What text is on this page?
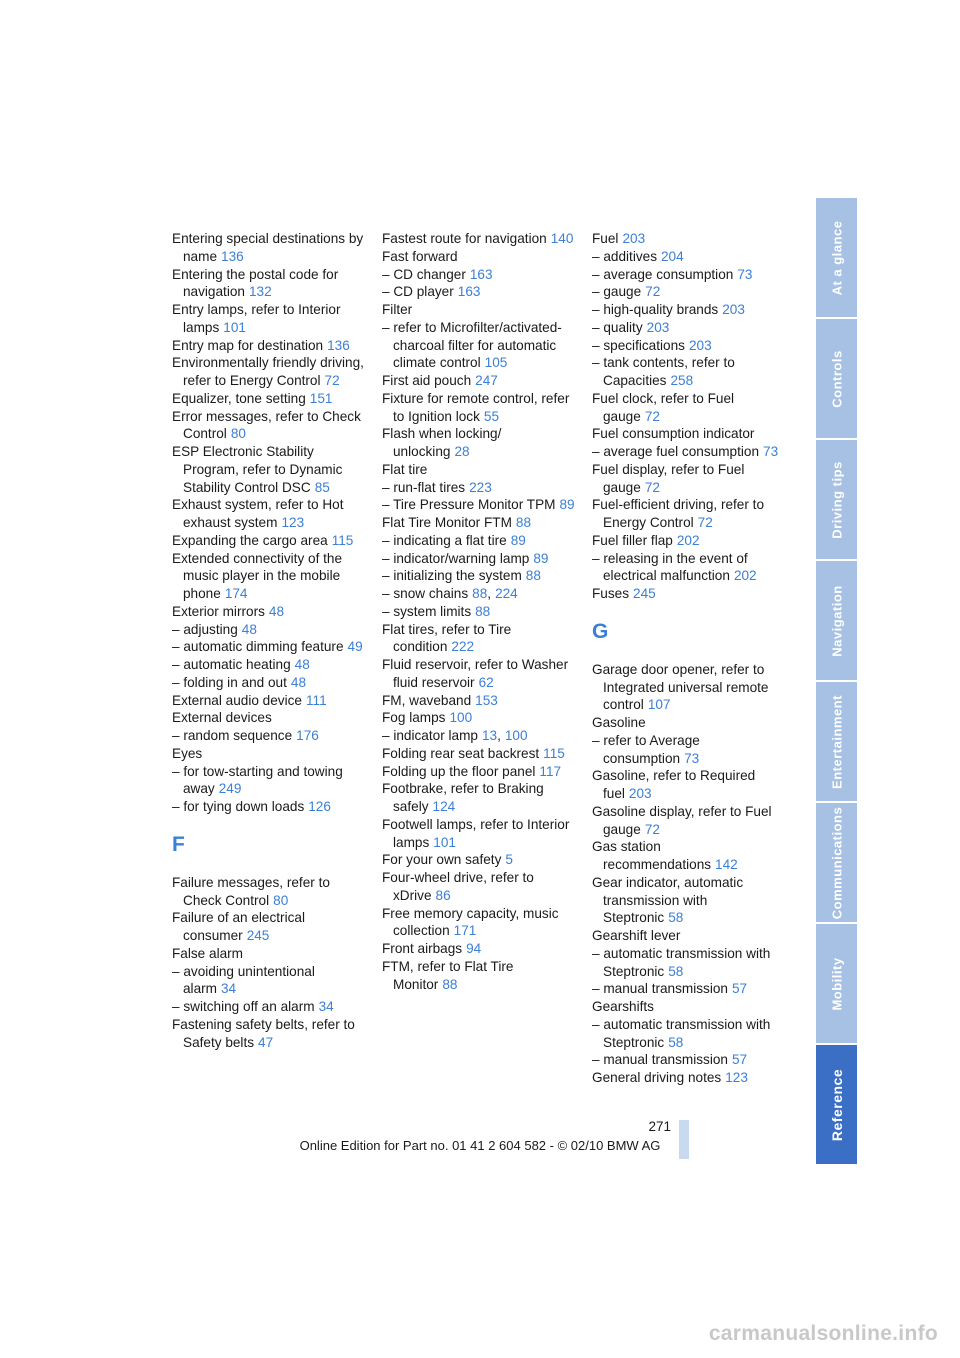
Entering special destinations by name 136
Entering the postal code for navigation 132
Entry lamps, refer to Interior lamps 101
Entry map for destination 136
Environmentally friendly driving, refer to Energy Control 72
Equalizer, tone setting 151
Error messages, refer to Check Control 80
ESP Electronic Stability Program, refer to Dynamic Stability Control DSC 85
Exhaust system, refer to Hot exhaust system 123
Expanding the cargo area 115
Extended connectivity of the music player in the mobile phone 174
Exterior mirrors 48
– adjusting 48
– automatic dimming feature 49
– automatic heating 48
– folding in and out 48
External audio device 111
External devices
– random sequence 176
Eyes
– for tow-starting and towing away 249
– for tying down loads 126
F
Failure messages, refer to Check Control 80
Failure of an electrical consumer 245
False alarm
– avoiding unintentional alarm 34
– switching off an alarm 34
Fastening safety belts, refer to Safety belts 47
Fastest route for navigation 140
Fast forward
– CD changer 163
– CD player 163
Filter
– refer to Microfilter/activated-charcoal filter for automatic climate control 105
First aid pouch 247
Fixture for remote control, refer to Ignition lock 55
Flash when locking/ unlocking 28
Flat tire
– run-flat tires 223
– Tire Pressure Monitor TPM 89
Flat Tire Monitor FTM 88
– indicating a flat tire 89
– indicator/warning lamp 89
– initializing the system 88
– snow chains 88, 224
– system limits 88
Flat tires, refer to Tire condition 222
Fluid reservoir, refer to Washer fluid reservoir 62
FM, waveband 153
Fog lamps 100
– indicator lamp 13, 100
Folding rear seat backrest 115
Folding up the floor panel 117
Footbrake, refer to Braking safely 124
Footwell lamps, refer to Interior lamps 101
For your own safety 5
Four-wheel drive, refer to xDrive 86
Free memory capacity, music collection 171
Front airbags 94
FTM, refer to Flat Tire Monitor 88
Fuel 203
– additives 204
– average consumption 73
– gauge 72
– high-quality brands 203
– quality 203
– specifications 203
– tank contents, refer to Capacities 258
Fuel clock, refer to Fuel gauge 72
Fuel consumption indicator
– average fuel consumption 73
Fuel display, refer to Fuel gauge 72
Fuel-efficient driving, refer to Energy Control 72
Fuel filler flap 202
– releasing in the event of electrical malfunction 202
Fuses 245
G
Garage door opener, refer to Integrated universal remote control 107
Gasoline
– refer to Average consumption 73
Gasoline, refer to Required fuel 203
Gasoline display, refer to Fuel gauge 72
Gas station recommendations 142
Gear indicator, automatic transmission with Steptronic 58
Gearshift lever
– automatic transmission with Steptronic 58
– manual transmission 57
Gearshifts
– automatic transmission with Steptronic 58
– manual transmission 57
General driving notes 123
At a glance
Controls
Driving tips
Navigation
Entertainment
Communications
Mobility
Reference
271
Online Edition for Part no. 01 41 2 604 582 - © 02/10 BMW AG
carmanualsonline.info
